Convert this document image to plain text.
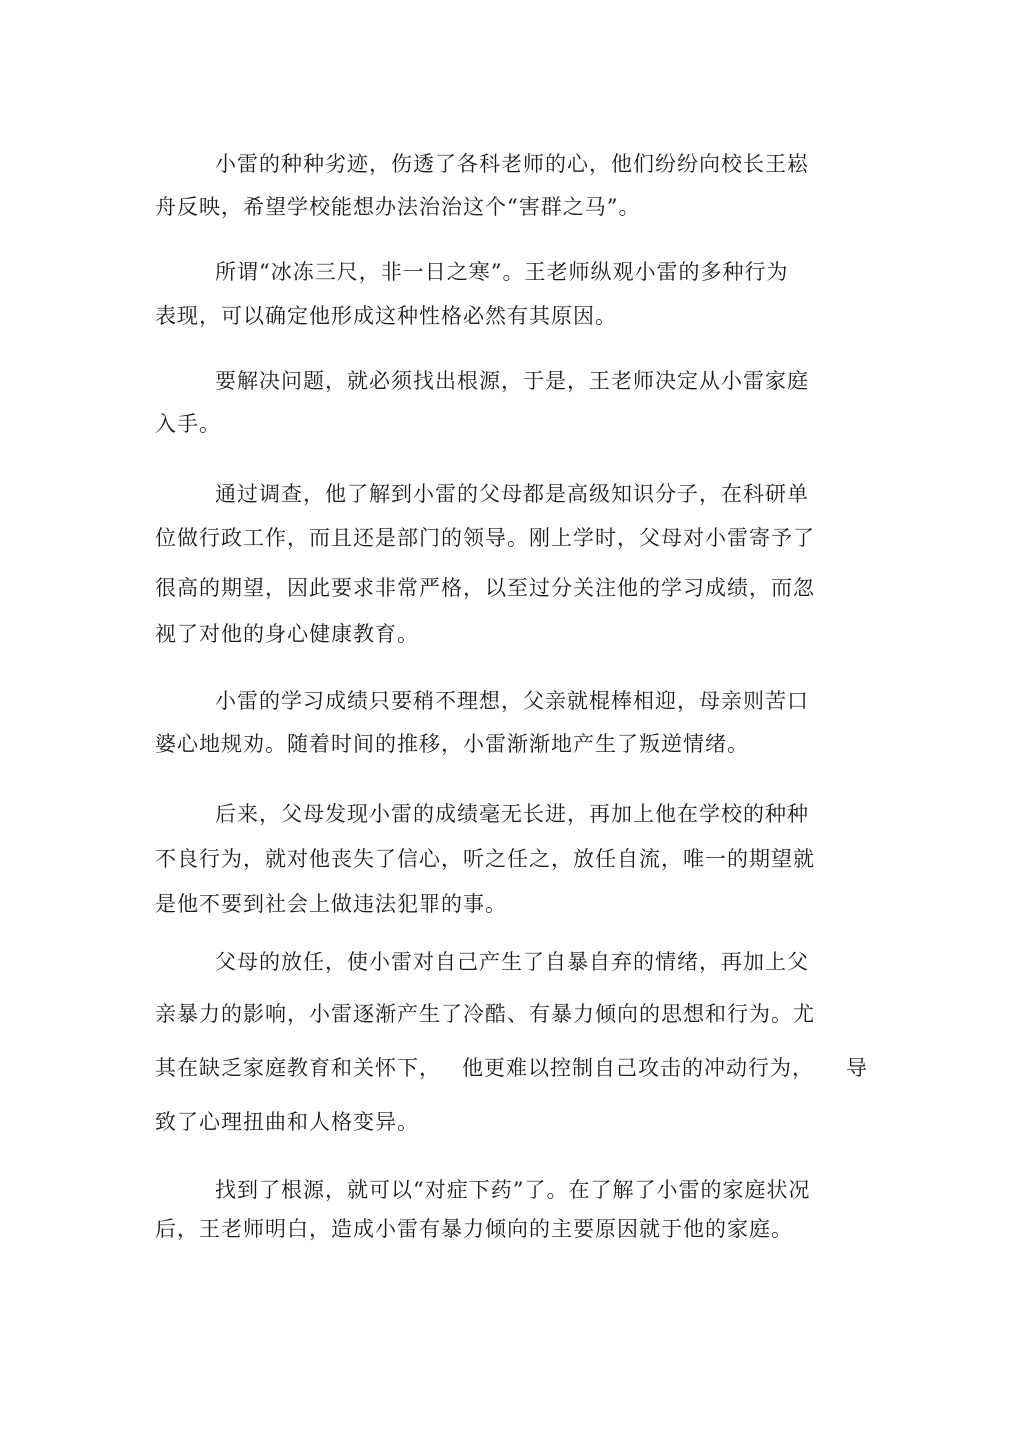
小雷的种种劣迹，伤透了各科老师的心，他们纷纷向校长王崧
舟反映，希望学校能想办法治治这个“害群之马”。
所谓“冰冻三尺，非一日之寒”。王老师纵观小雷的多种行为
表现，可以确定他形成这种性格必然有其原因。
要解决问题，就必须找出根源，于是，王老师决定从小雷家庭
入手。
通过调查，他了解到小雷的父母都是高级知识分子，在科研单
位做行政工作，而且还是部门的领导。刚上学时，父母对小雷寄予了
很高的期望，因此要求非常严格，以至过分关注他的学习成绩，而忽
视了对他的身心健康教育。
小雷的学习成绩只要稍不理想，父亲就棍棒相迎，母亲则苦口
婆心地规劝。随着时间的推移，小雷渐渐地产生了叛逆情绪。
后来，父母发现小雷的成绩毫无长进，再加上他在学校的种种
不良行为，就对他丧失了信心，听之任之，放任自流，唯一的期望就
是他不要到社会上做违法犯罪的事。
父母的放任，使小雷对自己产生了自暴自弃的情绪，再加上父
亲暴力的影响，小雷逐渐产生了冷酷、有暴力倾向的思想和行为。尤
其在缺乏家庭教育和关怀下， 他更难以控制自己攻击的冲动行为， 导
致了心理扭曲和人格变异。
找到了根源，就可以“对症下药”了。在了解了小雷的家庭状况
后，王老师明白，造成小雷有暴力倾向的主要原因就于他的家庭。
